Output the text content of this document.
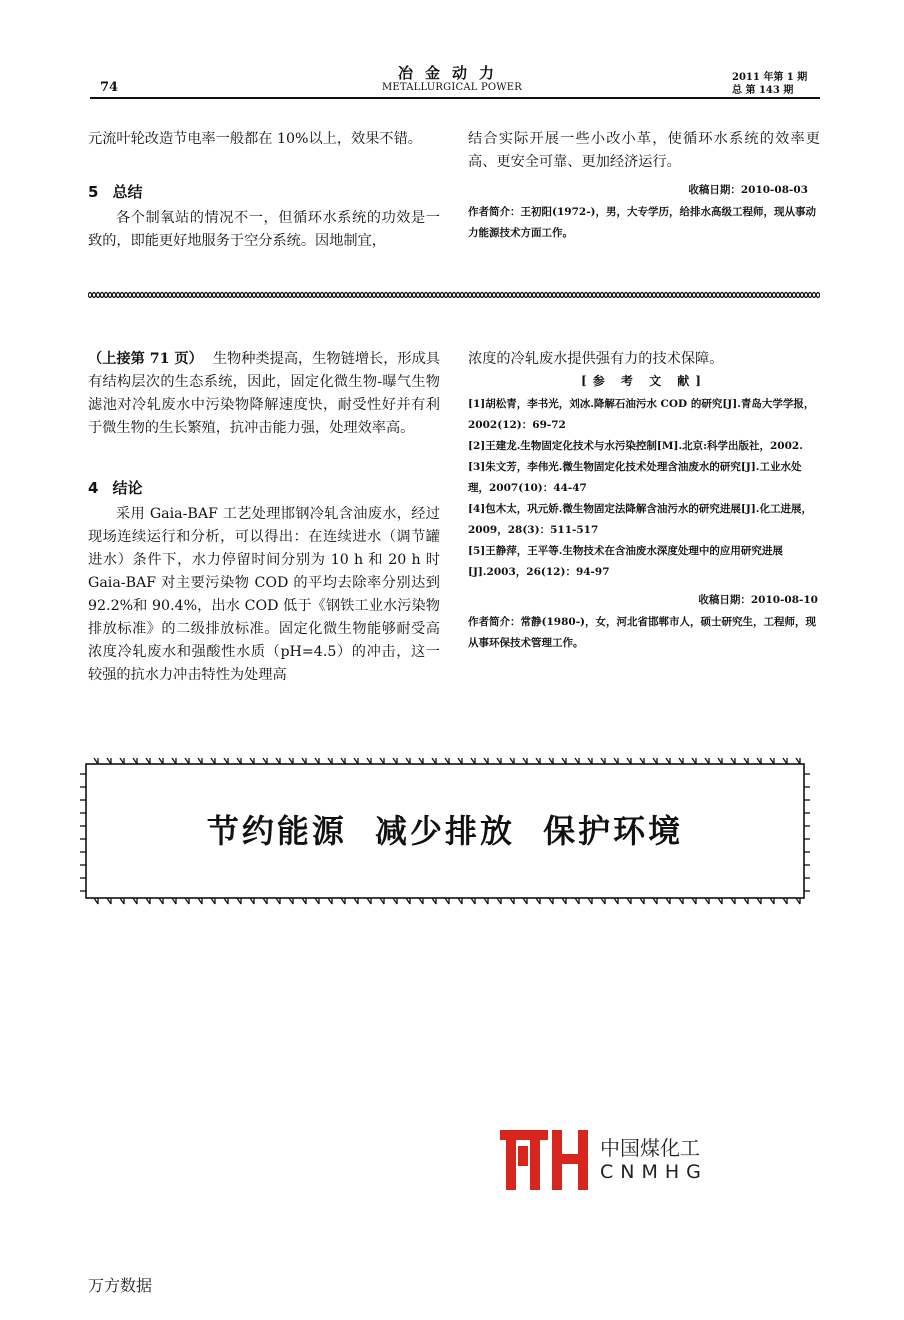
74
冶金动力
METALLURGICAL POWER
2011 年第 1 期
总 第 143 期
元流叶轮改造节电率一般都在 10%以上，效果不错。
5 总结
各个制氧站的情况不一，但循环水系统的功效是一致的，即能更好地服务于空分系统。因地制宜，
结合实际开展一些小改小革，使循环水系统的效率更高、更安全可靠、更加经济运行。
收稿日期：2010-08-03
作者简介：王初阳(1972-)，男，大专学历，给排水高级工程师，现从事动力能源技术方面工作。
（上接第 71 页） 生物种类提高，生物链增长，形成具有结构层次的生态系统，因此，固定化微生物-曝气生物滤池对冷轧废水中污染物降解速度快，耐受性好并有利于微生物的生长繁殖，抗冲击能力强，处理效率高。
4 结论
采用 Gaia-BAF 工艺处理邯钢冷轧含油废水，经过现场连续运行和分析，可以得出：在连续进水（调节罐进水）条件下，水力停留时间分别为 10 h 和 20 h 时 Gaia-BAF 对主要污染物 COD 的平均去除率分别达到 92.2%和 90.4%，出水 COD 低于《钢铁工业水污染物排放标准》的二级排放标准。固定化微生物能够耐受高浓度冷轧废水和强酸性水质（pH=4.5）的冲击，这一较强的抗水力冲击特性为处理高
浓度的冷轧废水提供强有力的技术保障。
[参 考 文 献]
[1]胡松青，李书光，刘冰.降解石油污水 COD 的研究[J].青岛大学学报，2002(12)：69-72
[2]王建龙.生物固定化技术与水污染控制[M].北京:科学出版社，2002.
[3]朱文芳，李伟光.微生物固定化技术处理含油废水的研究[J].工业水处理，2007(10)：44-47
[4]包木太，巩元娇.微生物固定法降解含油污水的研究进展[J].化工进展，2009，28(3)：511-517
[5]王静萍，王平等.生物技术在含油废水深度处理中的应用研究进展[J].2003，26(12)：94-97
收稿日期：2010-08-10
作者简介：常静(1980-)，女，河北省邯郸市人，硕士研究生，工程师，现从事环保技术管理工作。
节约能源 减少排放 保护环境
中国煤化工
CNMHG
万方数据
